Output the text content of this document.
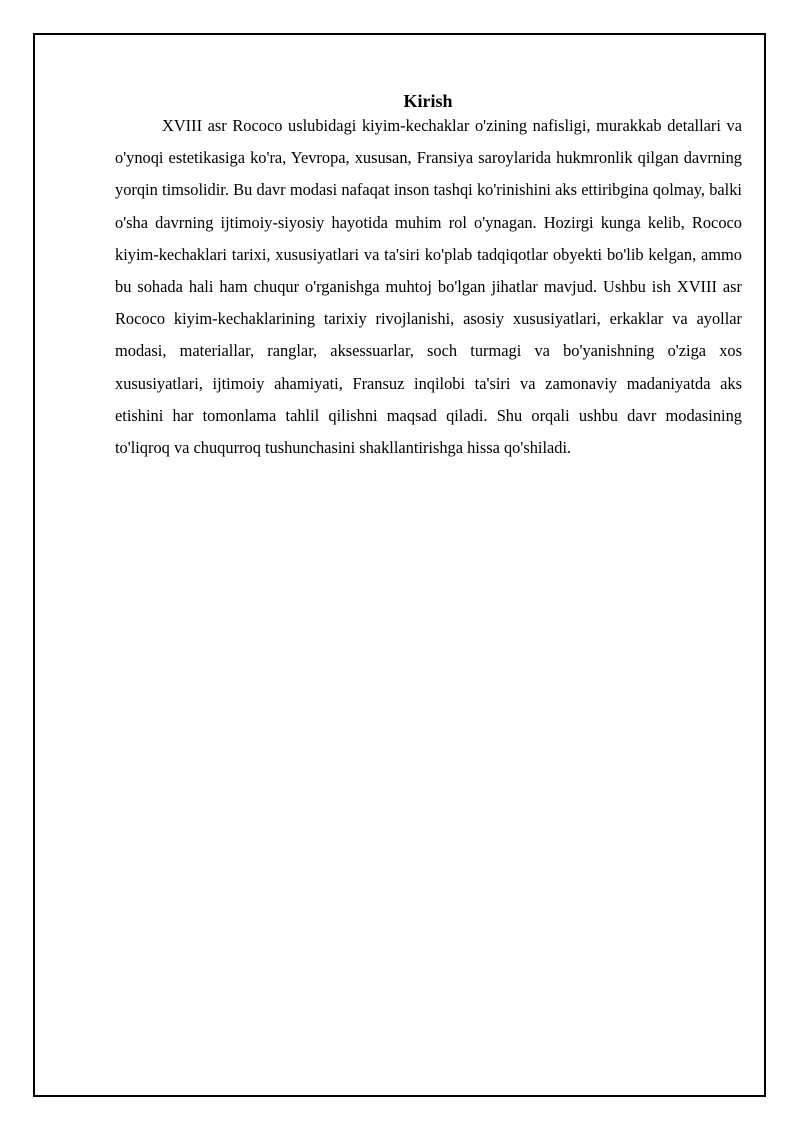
Kirish

XVIII asr Rococo uslubidagi kiyim-kechaklar o'zining nafisligi, murakkab detallari va o'ynoqi estetikasiga ko'ra, Yevropa, xususan, Fransiya saroylarida hukmronlik qilgan davrning yorqin timsolidir. Bu davr modasi nafaqat inson tashqi ko'rinishini aks ettiribgina qolmay, balki o'sha davrning ijtimoiy-siyosiy hayotida muhim rol o'ynagan. Hozirgi kunga kelib, Rococo kiyim-kechaklari tarixi, xususiyatlari va ta'siri ko'plab tadqiqotlar obyekti bo'lib kelgan, ammo bu sohada hali ham chuqur o'rganishga muhtoj bo'lgan jihatlar mavjud. Ushbu ish XVIII asr Rococo kiyim-kechaklarining tarixiy rivojlanishi, asosiy xususiyatlari, erkaklar va ayollar modasi, materiallar, ranglar, aksessuarlar, soch turmagi va bo'yanishning o'ziga xos xususiyatlari, ijtimoiy ahamiyati, Fransuz inqilobi ta'siri va zamonaviy madaniyatda aks etishini har tomonlama tahlil qilishni maqsad qiladi. Shu orqali ushbu davr modasining to'liqroq va chuqurroq tushunchasini shakllantirishga hissa qo'shiladi.
